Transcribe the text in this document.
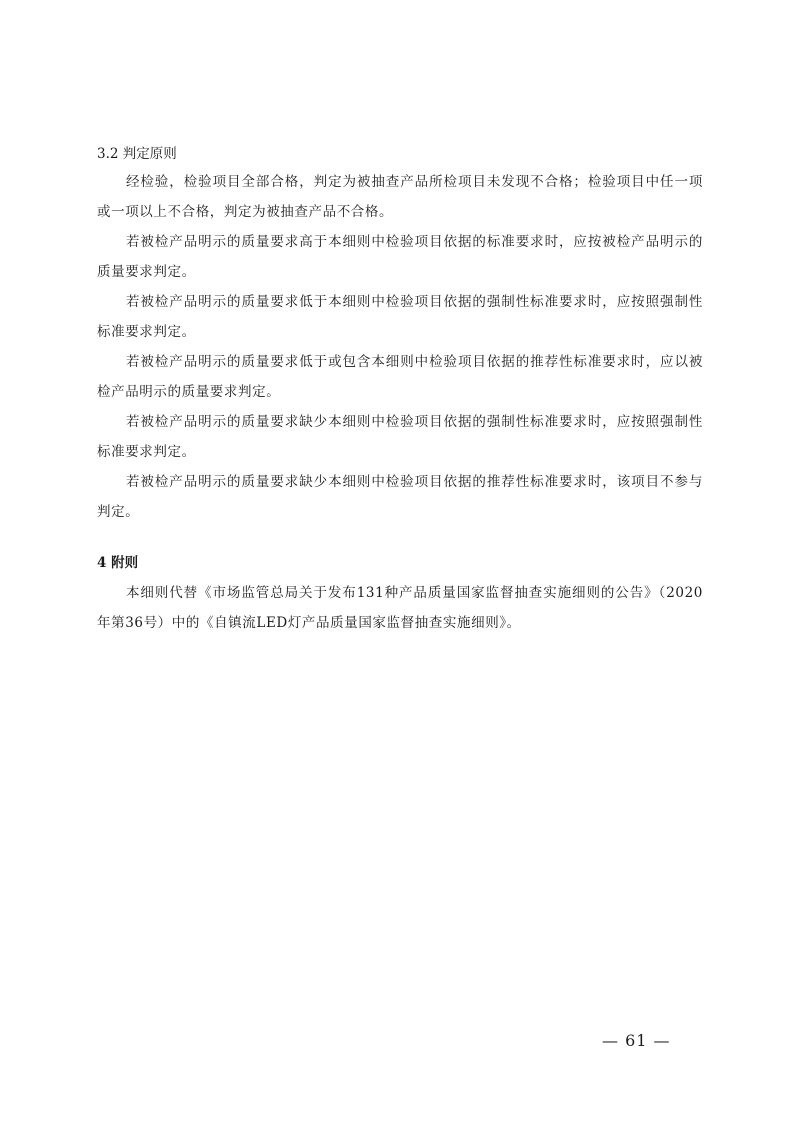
3.2 判定原则

经检验，检验项目全部合格，判定为被抽查产品所检项目未发现不合格；检验项目中任一项或一项以上不合格，判定为被抽查产品不合格。

若被检产品明示的质量要求高于本细则中检验项目依据的标准要求时，应按被检产品明示的质量要求判定。

若被检产品明示的质量要求低于本细则中检验项目依据的强制性标准要求时，应按照强制性标准要求判定。

若被检产品明示的质量要求低于或包含本细则中检验项目依据的推荐性标准要求时，应以被检产品明示的质量要求判定。

若被检产品明示的质量要求缺少本细则中检验项目依据的强制性标准要求时，应按照强制性标准要求判定。

若被检产品明示的质量要求缺少本细则中检验项目依据的推荐性标准要求时，该项目不参与判定。

4 附则

本细则代替《市场监管总局关于发布131种产品质量国家监督抽查实施细则的公告》（2020年第36号）中的《自镇流LED灯产品质量国家监督抽查实施细则》。

— 61 —
